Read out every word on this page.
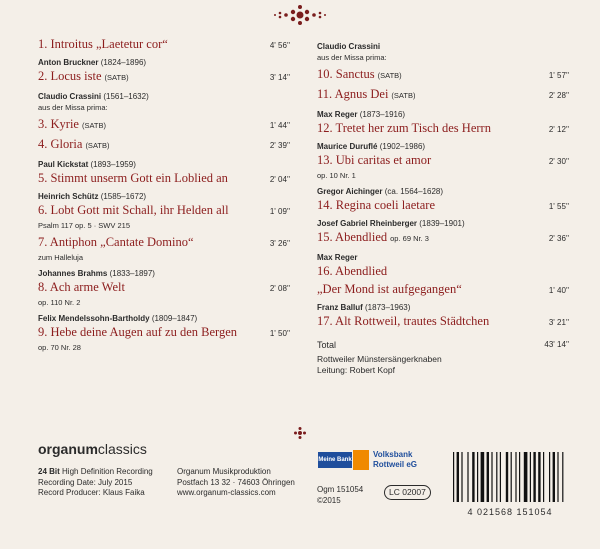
1. Introitus „Laetetur cor“	4' 56''
Anton Bruckner (1824–1896)
2. Locus iste (SATB)	3' 14''
Claudio Crassini (1561–1632)
aus der Missa prima:
3. Kyrie (SATB)	1' 44''
4. Gloria (SATB)	2' 39''
Paul Kickstat (1893–1959)
5. Stimmt unserm Gott ein Loblied an	2' 04''
Heinrich Schütz (1585–1672)
6. Lobt Gott mit Schall, ihr Helden all	1' 09''
Psalm 117 op. 5 · SWV 215
7. Antiphon „Cantate Domino“	3' 26''
zum Halleluja
Johannes Brahms (1833–1897)
8. Ach arme Welt	2' 08''
op. 110 Nr. 2
Felix Mendelssohn-Bartholdy (1809–1847)
9. Hebe deine Augen auf zu den Bergen	1' 50''
op. 70 Nr. 28
Claudio Crassini
aus der Missa prima:
10. Sanctus (SATB)	1' 57''
11. Agnus Dei (SATB)	2' 28''
Max Reger (1873–1916)
12. Tretet her zum Tisch des Herrn	2' 12''
Maurice Duruflé (1902–1986)
13. Ubi caritas et amor	2' 30''
op. 10 Nr. 1
Gregor Aichinger (ca. 1564–1628)
14. Regina coeli laetare	1' 55''
Josef Gabriel Rheinberger (1839–1901)
15. Abendlied op. 69 Nr. 3	2' 36''
Max Reger
16. Abendlied
„Der Mond ist aufgegangen“	1' 40''
Franz Balluf (1873–1963)
17. Alt Rottweil, trautes Städtchen	3' 21''
Total	43' 14''
Rottweiler Münstersängerknaben
Leitung: Robert Kopf
organumclassics
24 Bit High Definition Recording
Recording Date: July 2015
Record Producer: Klaus Faika
Organum Musikproduktion
Postfach 13 32 · 74603 Öhringen
www.organum-classics.com
Meine Bank
Volksbank
Rottweil eG
Ogm 151054
©2015
LC 02007
4 021568 151054
